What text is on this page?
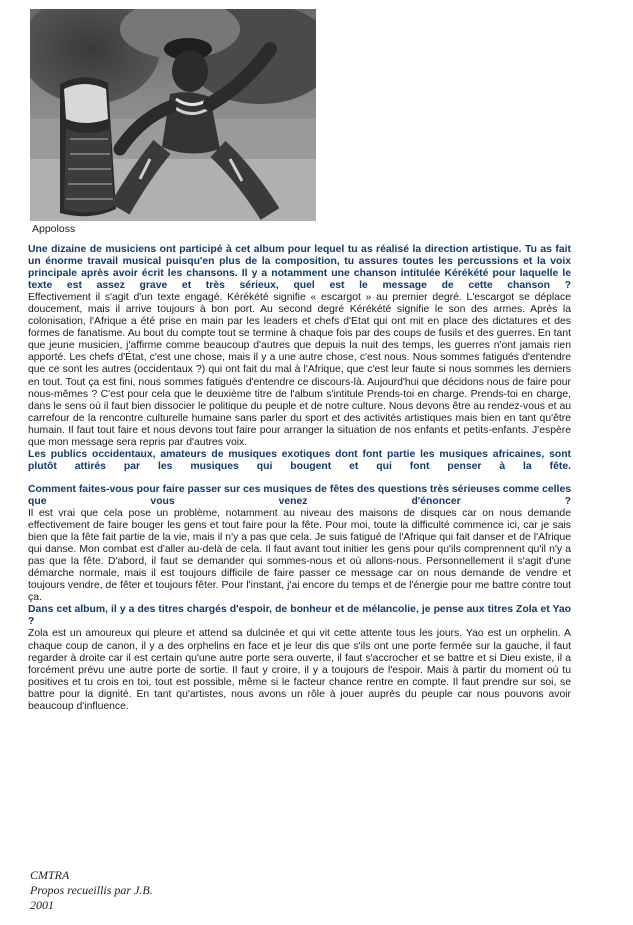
Appoloss

Une dizaine de musiciens ont participé à cet album pour lequel tu as réalisé la direction artistique. Tu as fait un énorme travail musical puisqu'en plus de la composition, tu assures toutes les percussions et la voix principale après avoir écrit les chansons. Il y a notamment une chanson intitulée Kérékété pour laquelle le texte est assez grave et très sérieux, quel est le message de cette chanson ?

Effectivement il s'agit d'un texte engagé. Kérékété signifie « escargot » au premier degré. L'escargot se déplace doucement, mais il arrive toujours à bon port. Au second degré Kérékété signifie le son des armes. Après la colonisation, l'Afrique a été prise en main par les leaders et chefs d'Etat qui ont mit en place des dictatures et des formes de fanatisme. Au bout du compte tout se termine à chaque fois par des coups de fusils et des guerres. En tant que jeune musicien, j'affirme comme beaucoup d'autres que depuis la nuit des temps, les guerres n'ont jamais rien apporté. Les chefs d'État, c'est une chose, mais il y a une autre chose, c'est nous. Nous sommes fatigués d'entendre que ce sont les autres (occidentaux ?) qui ont fait du mal à l'Afrique, que c'est leur faute si nous sommes les derniers en tout. Tout ça est fini, nous sommes fatigués d'entendre ce discours-là. Aujourd'hui que décidons nous de faire pour nous-mêmes ? C'est pour cela que le deuxième titre de l'album s'intitule Prends-toi en charge. Prends-toi en charge, dans le sens où il faut bien dissocier le politique du peuple et de notre culture. Nous devons être au rendez-vous et au carrefour de la rencontre culturelle humaine sans parler du sport et des activités artistiques mais bien en tant qu'être humain. Il faut tout faire et nous devons tout faire pour arranger la situation de nos enfants et petits-enfants. J'espère que mon message sera repris par d'autres voix.

Les publics occidentaux, amateurs de musiques exotiques dont font partie les musiques africaines, sont plutôt attirés par les musiques qui bougent et qui font penser à la fête.

Comment faites-vous pour faire passer sur ces musiques de fêtes des questions très sérieuses comme celles que vous venez d'énoncer ?

Il est vrai que cela pose un problème, notamment au niveau des maisons de disques car on nous demande effectivement de faire bouger les gens et tout faire pour la fête. Pour moi, toute la difficulté commence ici, car je sais bien que la fête fait partie de la vie, mais il n'y a pas que cela. Je suis fatigué de l'Afrique qui fait danser et de l'Afrique qui danse. Mon combat est d'aller au-delà de cela. Il faut avant tout initier les gens pour qu'ils comprennent qu'il n'y a pas que la fête. D'abord, il faut se demander qui sommes-nous et où allons-nous. Personnellement il s'agit d'une démarche normale, mais il est toujours difficile de faire passer ce message car on nous demande de vendre et toujours vendre, de fêter et toujours fêter. Pour l'instant, j'ai encore du temps et de l'énergie pour me battre contre tout ça.

Dans cet album, il y a des titres chargés d'espoir, de bonheur et de mélancolie, je pense aux titres Zola et Yao ?

Zola est un amoureux qui pleure et attend sa dulcinée et qui vit cette attente tous les jours. Yao est un orphelin. A chaque coup de canon, il y a des orphelins en face et je leur dis que s'ils ont une porte fermée sur la gauche, il faut regarder à droite car il est certain qu'une autre porte sera ouverte, il faut s'accrocher et se battre et si Dieu existe, il a forcément prévu une autre porte de sortie. Il faut y croire, il y a toujours de l'espoir. Mais à partir du moment où tu positives et tu crois en toi, tout est possible, même si le facteur chance rentre en compte. Il faut prendre sur soi, se battre pour la dignité. En tant qu'artistes, nous avons un rôle à jouer auprès du peuple car nous pouvons avoir beaucoup d'influence.

CMTRA
Propos recueillis par J.B.
2001
